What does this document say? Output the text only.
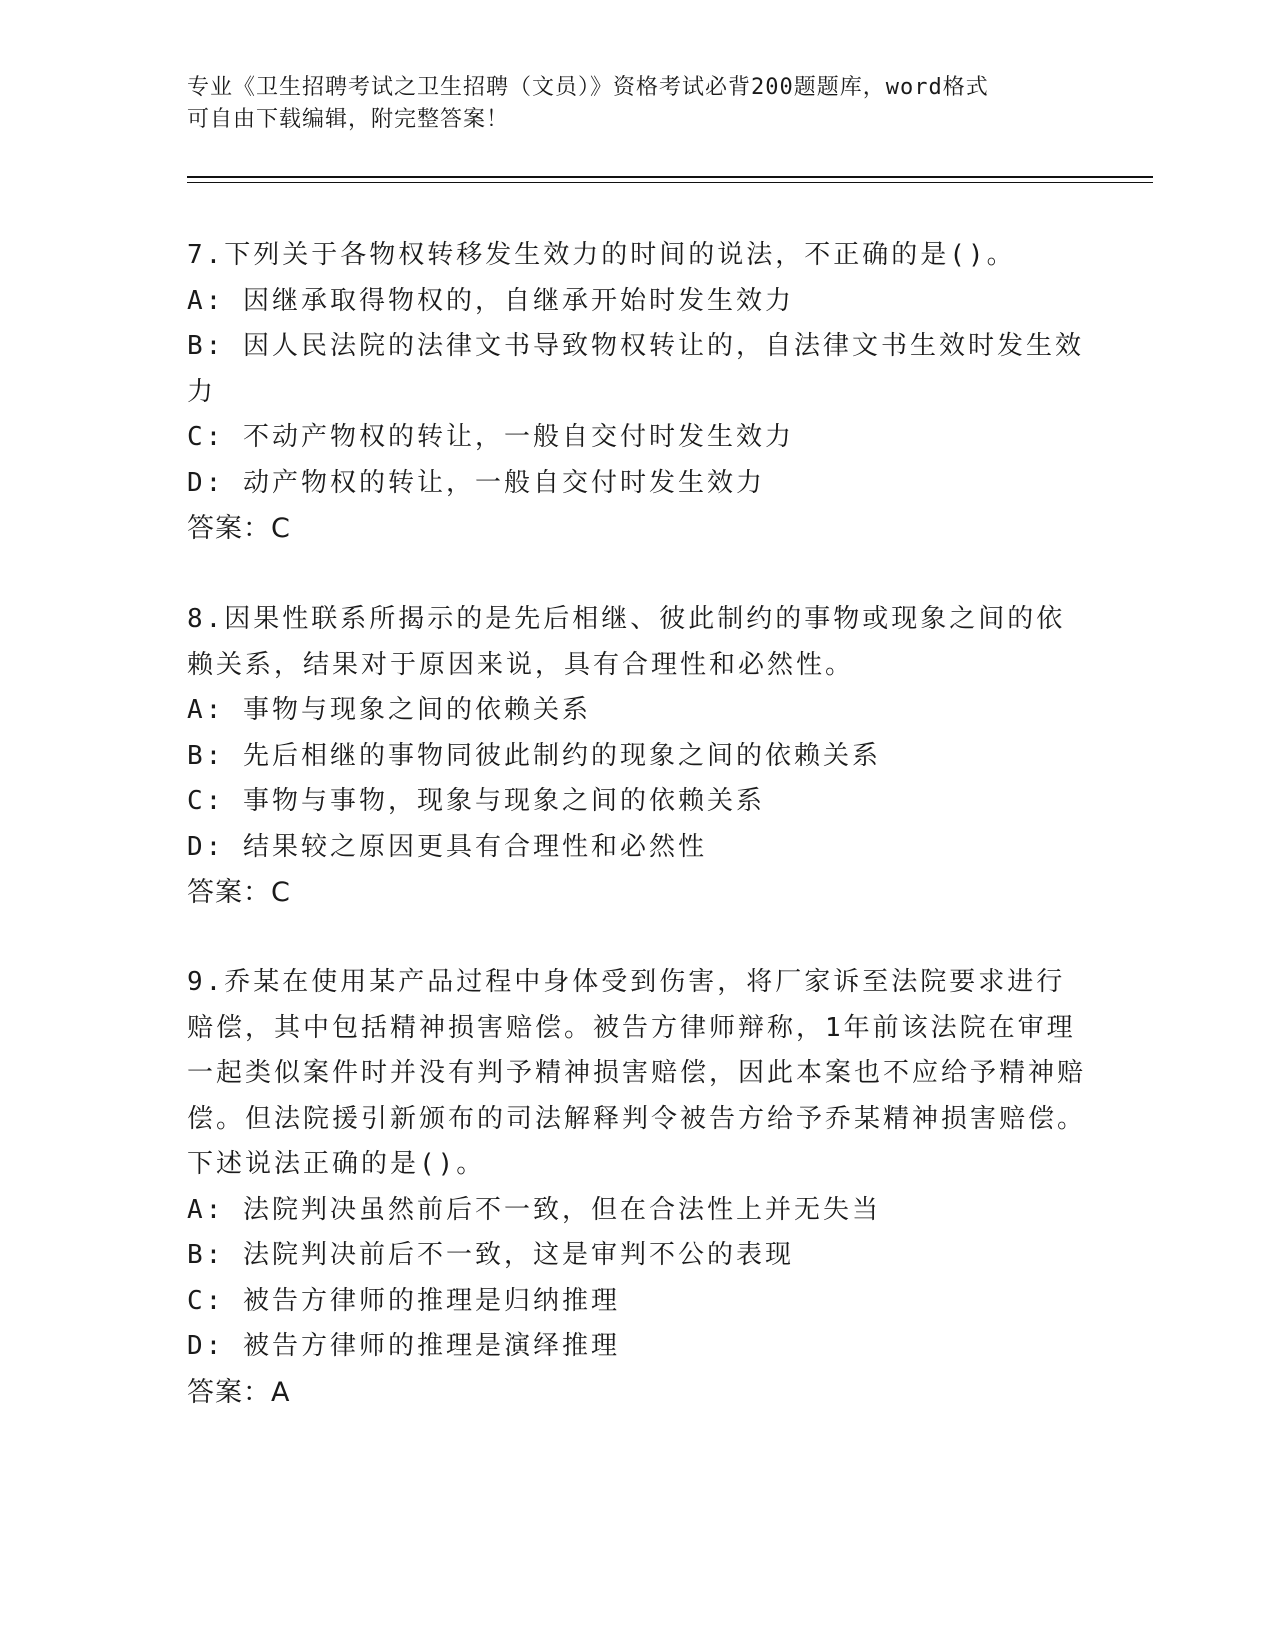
专业《卫生招聘考试之卫生招聘（文员）》资格考试必背200题题库，word格式
可自由下载编辑，附完整答案！

7.下列关于各物权转移发生效力的时间的说法，不正确的是()。

A: 因继承取得物权的，自继承开始时发生效力

B: 因人民法院的法律文书导致物权转让的，自法律文书生效时发生效力

C: 不动产物权的转让，一般自交付时发生效力

D: 动产物权的转让，一般自交付时发生效力

答案：C

8.因果性联系所揭示的是先后相继、彼此制约的事物或现象之间的依赖关系，结果对于原因来说，具有合理性和必然性。

A: 事物与现象之间的依赖关系

B: 先后相继的事物同彼此制约的现象之间的依赖关系

C: 事物与事物，现象与现象之间的依赖关系

D: 结果较之原因更具有合理性和必然性

答案：C

9.乔某在使用某产品过程中身体受到伤害，将厂家诉至法院要求进行赔偿，其中包括精神损害赔偿。被告方律师辩称，1年前该法院在审理一起类似案件时并没有判予精神损害赔偿，因此本案也不应给予精神赔偿。但法院援引新颁布的司法解释判令被告方给予乔某精神损害赔偿。下述说法正确的是()。

A: 法院判决虽然前后不一致，但在合法性上并无失当

B: 法院判决前后不一致，这是审判不公的表现

C: 被告方律师的推理是归纳推理

D: 被告方律师的推理是演绎推理

答案：A
